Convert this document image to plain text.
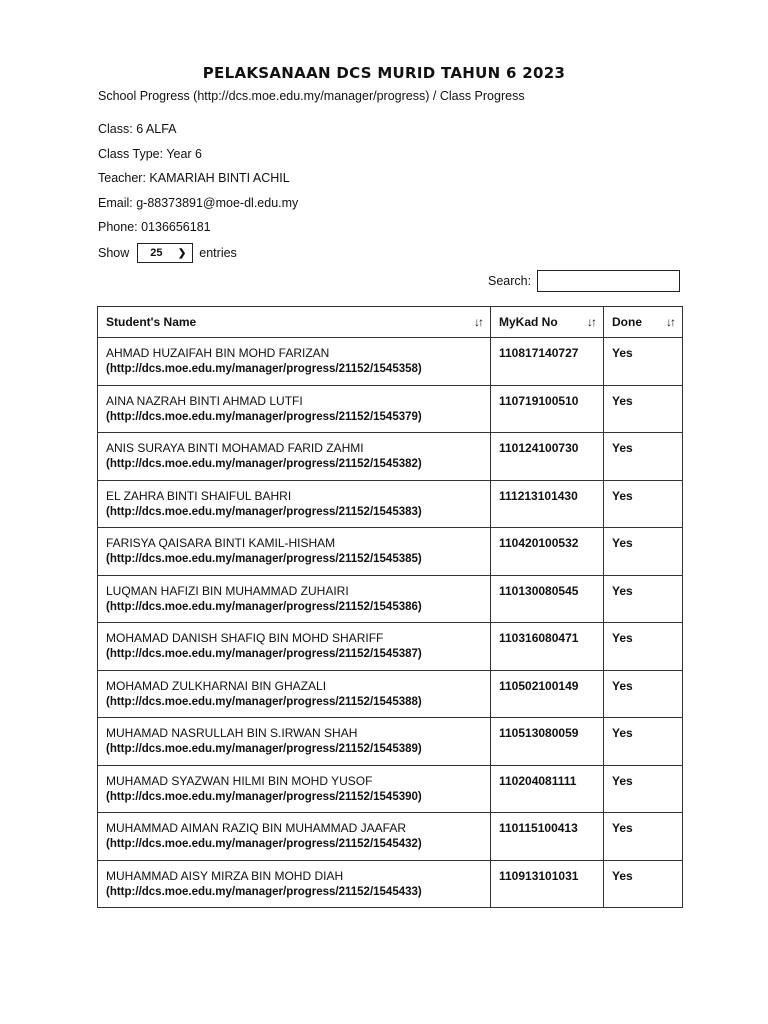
PELAKSANAAN DCS MURID TAHUN 6 2023
School Progress (http://dcs.moe.edu.my/manager/progress) / Class Progress
Class: 6 ALFA
Class Type: Year 6
Teacher: KAMARIAH BINTI ACHIL
Email: g-88373891@moe-dl.edu.my
Phone: 0136656181
Show 25 ❯ entries
Search:
Student's Name ↓↑	MyKad No ↓↑	Done ↓↑

AHMAD HUZAIFAH BIN MOHD FARIZAN
(http://dcs.moe.edu.my/manager/progress/21152/1545358)	110817140727	Yes

AINA NAZRAH BINTI AHMAD LUTFI
(http://dcs.moe.edu.my/manager/progress/21152/1545379)	110719100510	Yes

ANIS SURAYA BINTI MOHAMAD FARID ZAHMI
(http://dcs.moe.edu.my/manager/progress/21152/1545382)	110124100730	Yes

EL ZAHRA BINTI SHAIFUL BAHRI
(http://dcs.moe.edu.my/manager/progress/21152/1545383)	111213101430	Yes

FARISYA QAISARA BINTI KAMIL-HISHAM
(http://dcs.moe.edu.my/manager/progress/21152/1545385)	110420100532	Yes

LUQMAN HAFIZI BIN MUHAMMAD ZUHAIRI
(http://dcs.moe.edu.my/manager/progress/21152/1545386)	110130080545	Yes

MOHAMAD DANISH SHAFIQ BIN MOHD SHARIFF
(http://dcs.moe.edu.my/manager/progress/21152/1545387)	110316080471	Yes

MOHAMAD ZULKHARNAI BIN GHAZALI
(http://dcs.moe.edu.my/manager/progress/21152/1545388)	110502100149	Yes

MUHAMAD NASRULLAH BIN S.IRWAN SHAH
(http://dcs.moe.edu.my/manager/progress/21152/1545389)	110513080059	Yes

MUHAMAD SYAZWAN HILMI BIN MOHD YUSOF
(http://dcs.moe.edu.my/manager/progress/21152/1545390)	110204081111	Yes

MUHAMMAD AIMAN RAZIQ BIN MUHAMMAD JAAFAR
(http://dcs.moe.edu.my/manager/progress/21152/1545432)	110115100413	Yes

MUHAMMAD AISY MIRZA BIN MOHD DIAH
(http://dcs.moe.edu.my/manager/progress/21152/1545433)	110913101031	Yes
